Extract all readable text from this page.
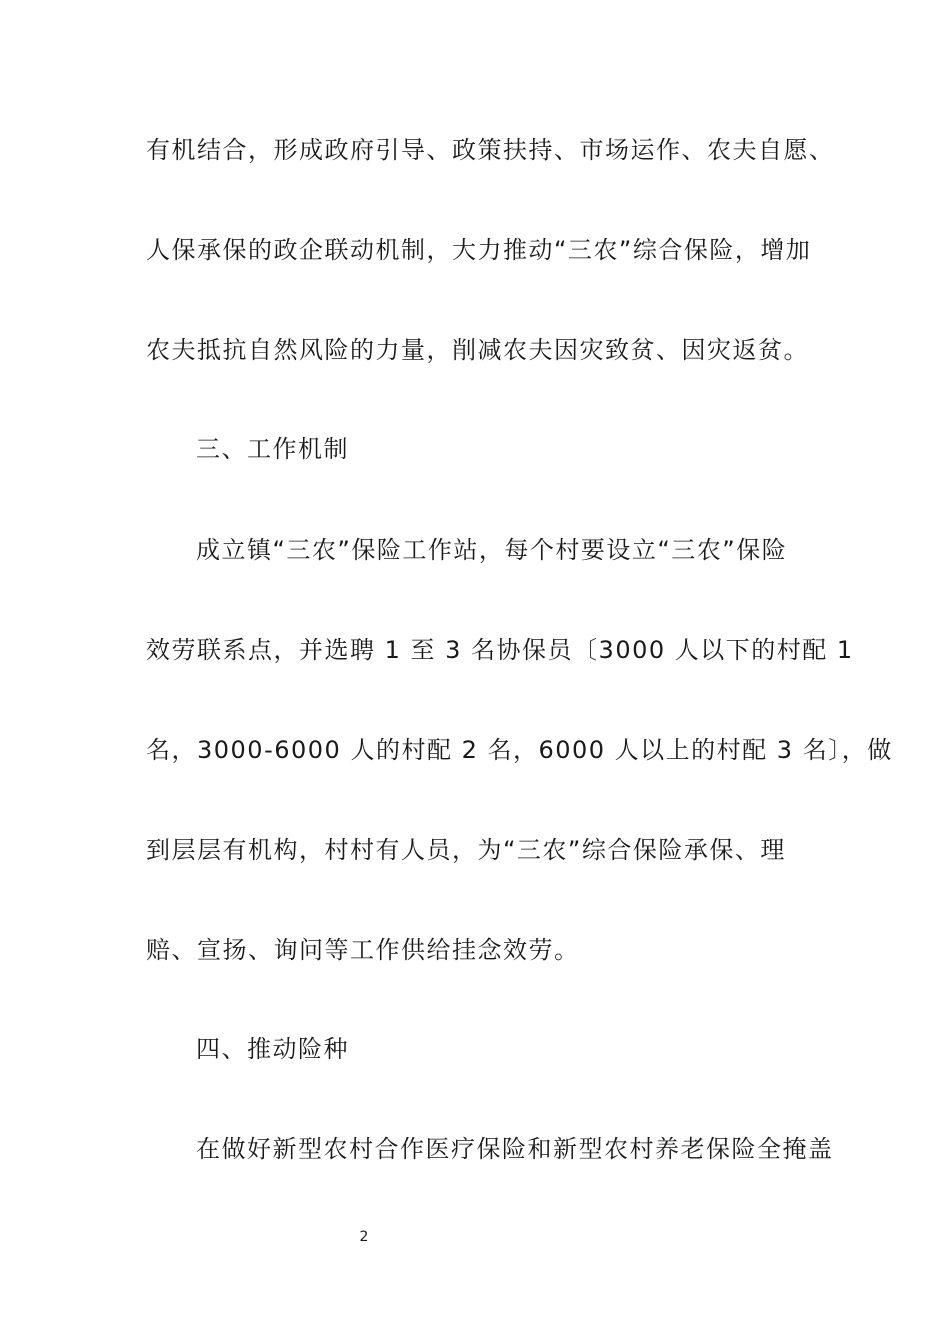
有机结合，形成政府引导、政策扶持、市场运作、农夫自愿、
人保承保的政企联动机制，大力推动“三农”综合保险，增加
农夫抵抗自然风险的力量，削减农夫因灾致贫、因灾返贫。
三、工作机制
成立镇“三农”保险工作站，每个村要设立“三农”保险
效劳联系点，并选聘 1 至 3 名协保员〔3000 人以下的村配 1
名，3000-6000 人的村配 2 名，6000 人以上的村配 3 名〕，做
到层层有机构，村村有人员，为“三农”综合保险承保、理
赔、宣扬、询问等工作供给挂念效劳。
四、推动险种
在做好新型农村合作医疗保险和新型农村养老保险全掩盖
2
